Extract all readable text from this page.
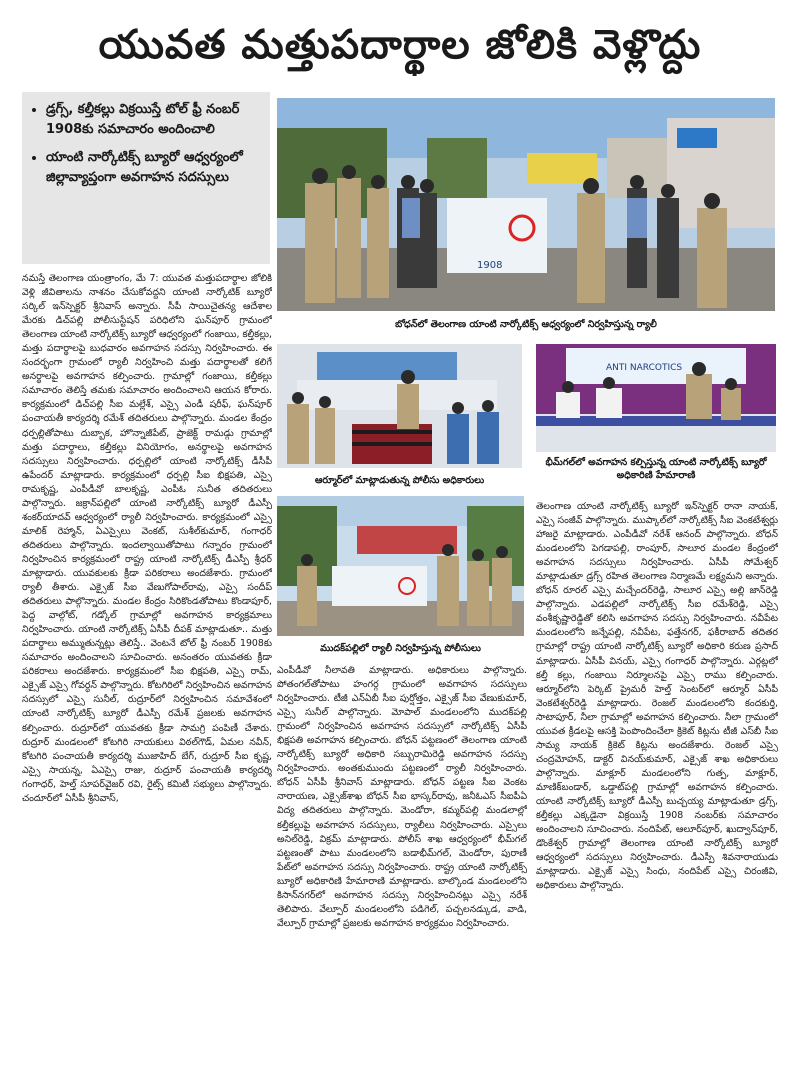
యువత మత్తుపదార్థాల జోలికి వెళ్లొద్దు
• డ్రగ్స్, కల్తీకల్లు విక్రయిస్తే టోల్ ఫ్రీ నంబర్ 1908కు సమాచారం అందించాలి
• యాంటి నార్కోటిక్స్ బ్యూరో ఆధ్వర్యంలో జిల్లావ్యాప్తంగా అవగాహన సదస్సులు

నమస్తే తెలంగాణ యంత్రాంగం, మే 7: యువత మత్తుపదార్థాల జోలికి వెళ్లి జీవితాలను నాశనం చేసుకోవద్దని యాంటి నార్కోటిక్ బ్యూరో సర్కిల్ ఇన్‌స్పెక్టర్ శ్రీనివాస్ అన్నారు. సీపీ సాయిచైతన్య ఆదేశాల మేరకు డిచ్‌పల్లి పోలీసుస్టేషన్ పరిధిలోని ఘన్‌పూర్ గ్రామంలో తెలంగాణ యాంటి నార్కోటిక్స్ బ్యూరో ఆధ్వర్యంలో గంజాయి, కల్తీకల్లు, మత్తు పదార్థాలపై బుధవారం అవగాహన సదస్సు నిర్వహించారు. ఈ సందర్భంగా గ్రామంలో ర్యాలీ నిర్వహించి మత్తు పదార్థాలతో కలిగే అనర్థాలపై అవగాహన కల్పించారు. గ్రామాల్లో గంజాయి, కల్తీకల్లు సమాచారం తెలిస్తే తమకు సమాచారం అందించాలని ఆయన కోరారు. కార్యక్రమంలో డిచ్‌పల్లి సీఐ మల్లేశ్, ఎస్సై ఎండీ షరీఫ్, ఘన్‌పూర్ పంచాయతీ కార్యదర్శి రమేశ్ తదితరులు పాల్గొన్నారు. మండల కేంద్రం ధర్పల్లితోపాటు దుబ్బాక, హొన్నాజీపేట్, ప్రాజెక్ట్ రామడ్గు గ్రామాల్లో మత్తు పదార్థాలు, కల్తీకల్లు వినియోగం, అనర్థాలపై అవగాహన సదస్సులు నిర్వహించారు. ధర్పల్లిలో యాంటి నార్కోటిక్స్ డీసీపీ ఉపేందర్ మాట్లాడారు. కార్యక్రమంలో ధర్పల్లి సీఐ భిక్షపతి, ఎస్సై రామకృష్ణ, ఎంపీడీవో బాలకృష్ణ, ఎంపీఓ సునీత తదితరులు పాల్గొన్నారు. జక్రాన్‌పల్లిలో యాంటి నార్కోటిక్స్ బ్యూరో డీఎస్పీ శంకర్‌యాదవ్ ఆధ్వర్యంలో ర్యాలీ నిర్వహించారు. కార్యక్రమంలో ఎస్సై మాలిక్ రెహ్మాన్, ఏఎస్సైలు వెంకట్, సుశీల్‌కుమార్, గంగాధర్ తదితరులు పాల్గొన్నారు. ఇందల్వాయితోపాటు గన్నారం గ్రామంలో నిర్వహించిన కార్యక్రమంలో రాష్ట్ర యాంటి నార్కోటిక్స్ డీఎస్పీ శ్రీధర్ మాట్లాడారు. యువకులకు క్రీడా పరికరాలు అందజేశారు. గ్రామంలో ర్యాలీ తీశారు. ఎక్సైజ్ సీఐ వేణుగోపాల్‌రావు, ఎస్సై సందీప్ తదితరులు పాల్గొన్నారు. మండల కేంద్రం సిరికొండతోపాటు కొండాపూర్, పెద్ద వాల్గోట్, గడ్కోల్ గ్రామాల్లో అవగాహన కార్యక్రమాలు నిర్వహించారు. యాంటి నార్కోటిక్స్ ఏసీపీ దీపక్ మాట్లాడుతూ.. మత్తు పదార్థాలు అమ్ముతున్నట్లు తెలిస్తే.. వెంటనే టోల్ ఫ్రీ నంబర్ 1908కు సమాచారం అందించాలని సూచించారు. అనంతరం యువతకు క్రీడా పరికరాలు అందజేశారు. కార్యక్రమంలో సీఐ భిక్షపతి, ఎస్సై రామ్, ఎక్సైజ్ ఎస్సై గోవర్ధన్ పాల్గొన్నారు. కోటగిరిలో నిర్వహించిన అవగాహన సదస్సులో ఎస్సై సునీల్, రుద్రూర్‌లో నిర్వహించిన సమావేశంలో యాంటి నార్కోటిక్స్ బ్యూరో డీఎస్పీ రమేశ్ ప్రజలకు అవగాహన కల్పించారు. రుద్రూర్‌లో యువతకు క్రీడా సామగ్రి పంపిణీ చేశారు. రుద్రూర్ మండలంలో కోటగిరి నాయకులు విఠల్‌గౌడ్, ఏమల నవీన్, కోటగిరి పంచాయతీ కార్యదర్శి ముజాహిద్ బేగ్, రుద్రూర్ సీఐ కృష్ణ, ఎస్సై సాయన్న, ఏఎస్సై రాజు, రుద్రూర్ పంచాయతీ కార్యదర్శి గంగాధర్, హెల్త్ సూపర్‌వైజర్ రవి, రైట్స్ కమిటీ సభ్యులు పాల్గొన్నారు. చందూర్‌లో ఏసీపీ శ్రీనివాస్,

1908
బోధన్‌లో తెలంగాణ యాంటి నార్కోటిక్స్ ఆధ్వర్యంలో నిర్వహిస్తున్న ర్యాలీ
ఆర్మూర్‌లో మాట్లాడుతున్న పోలీసు అధికారులు
ANTI NARCOTICS
భీమ్‌గల్‌లో అవగాహన కల్పిస్తున్న యాంటి నార్కోటిక్స్ బ్యూరో అధికారిణి హేమారాణి
ముదక్‌పల్లిలో ర్యాలీ నిర్వహిస్తున్న పోలీసులు

ఎంపీడీవో నీలావతి మాట్లాడారు. అధికారులు పాల్గొన్నారు. పోతంగల్‌తోపాటు హంగర్గ గ్రామంలో అవగాహన సదస్సులు నిర్వహించారు. టీజీ ఎన్‌ఏబీ సీఐ పుర్షోత్తం, ఎక్సైజ్ సీఐ వేణుకుమార్, ఎస్సై సునీల్ పాల్గొన్నారు. మోపాల్ మండలంలోని ముదక్‌పల్లి గ్రామంలో నిర్వహించిన అవగాహన సదస్సులో నార్కోటిక్స్ ఏసీపీ భిక్షపతి అవగాహన కల్పించారు. బోధన్ పట్టణంలో తెలంగాణ యాంటి నార్కోటిక్స్ బ్యూరో అధికారి సబ్బురామిరెడ్డి అవగాహన సదస్సు నిర్వహించారు. అంతకుముందు పట్టణంలో ర్యాలీ నిర్వహించారు. బోధన్ ఏసీపీ శ్రీనివాస్ మాట్లాడారు. బోధన్ పట్టణ సీఐ వెంకట నారాయణ, ఎక్సైజ్‌శాఖ బోధన్ సీఐ భాస్కర్‌రావు, జనీఓఎస్ సీఐపీఏ విద్య తదితరులు పాల్గొన్నారు. మెండోరా, కమ్మర్‌పల్లి మండలాల్లో కల్తీకల్లుపై అవగాహన సదస్సులు, ర్యాలీలు నిర్వహించారు. ఎస్సైలు అనిల్‌రెడ్డి, విక్రమ్ మాట్లాడారు. పోలీస్ శాఖ ఆధ్వర్యంలో భీమ్‌గల్ పట్టణంతో పాటు మండలంలోని బడాభీమ్‌గల్, మెండోరా, పురాణీ పేట్‌లో అవగాహన సదస్సు నిర్వహించారు. రాష్ట్ర యాంటి నార్కోటిక్స్ బ్యూరో అధికారిణి హేమారాణి మాట్లాడారు. బాల్కొండ మండలంలోని కిసాన్‌నగర్‌లో అవగాహన సదస్సు నిర్వహించినట్లు ఎస్సై నరేశ్ తెలిపారు. వేల్పూర్ మండలంలోని పడిగెల్, పచ్చలనడ్కుడ, వాడి, వేల్పూర్ గ్రామాల్లో ప్రజలకు అవగాహన కార్యక్రమం నిర్వహించారు.

తెలంగాణ యాంటి నార్కోటిక్స్ బ్యూరో ఇన్‌స్పెక్టర్ రానా నాయక్, ఎస్సై సంజీవ్ పాల్గొన్నారు. ముప్కాల్‌లో నార్కోటిక్స్ సీఐ వెంకటేశ్వర్లు హాజరై మాట్లాడారు. ఎంపీడీవో నరేశ్ ఆనంద్ పాల్గొన్నారు. బోధన్ మండలంలోని పెగడాపల్లి, రాంపూర్, సాలూర మండల కేంద్రంలో అవగాహన సదస్సులు నిర్వహించారు. ఏసీపీ సోమేశ్వర్ మాట్లాడుతూ డ్రగ్స్ రహిత తెలంగాణ నిర్మాణమే లక్ష్యమని అన్నారు. బోధన్ రూరల్ ఎస్సై మచ్చేందర్‌రెడ్డి, సాలూర ఎస్సై అల్లి జాన్‌రెడ్డి పాల్గొన్నారు. ఎడపల్లిలో నార్కోటిక్స్ సీఐ రమేశ్‌రెడ్డి, ఎస్సై వంశీకృష్ణారెడ్డితో కలిసి అవగాహన సదస్సు నిర్వహించారు. నవీపేట మండలంలోని జన్నేపల్లి, నవీపేట, ఫత్తేనగర్, ఫకీరాబాద్ తదితర గ్రామాల్లో రాష్ట్ర యాంటి నార్కోటిక్స్ బ్యూరో అధికారి కరుణ ప్రసాద్ మాట్లాడారు. ఏసీపీ వినయ్, ఎస్సై గంగాధర్ పాల్గొన్నారు. ఎర్గట్లలో కల్తీ కల్లు, గంజాయి నిర్మూలనపై ఎస్సై రాము కల్పించారు. ఆర్మూర్‌లోని పెర్కిట్ ప్రైమరీ హెల్త్ సెంటర్‌లో ఆర్మూర్ ఏసీపీ వెంకటేశ్వర్‌రెడ్డి మాట్లాడారు. రెంజల్ మండలంలోని కందకుర్తి, సాటాపూర్, నీలా గ్రామాల్లో అవగాహన కల్పించారు. నీలా గ్రామంలో యువత క్రీడలపై ఆసక్తి పెంపొందించేలా క్రికెట్ కిట్లను టీజీ ఎస్‌బీ సీఐ సామ్య నాయక్ క్రికెట్ కిట్లను అందజేశారు. రెంజల్ ఎస్సై చంద్రమోహన్, డాక్టర్ వినయ్‌కుమార్, ఎక్సైజ్ శాఖ అధికారులు పాల్గొన్నారు. మాక్లూర్ మండలంలోని గుత్ప, మాక్లూర్, మాణిక్‌బండార్, ఒడ్డాట్‌పల్లి గ్రామాల్లో అవగాహన కల్పించారు. యాంటి నార్కోటిక్స్ బ్యూరో డీఎస్పీ బుచ్చయ్య మాట్లాడుతూ డ్రగ్స్, కల్తీకల్లు ఎక్కడైనా విక్రయిస్తే 1908 నంబర్‌కు సమాచారం అందించాలని సూచించారు. నందిపేట్, ఆలూర్‌పూర్, ఖుద్వాన్‌పూర్, డొంకేశ్వర్ గ్రామాల్లో తెలంగాణ యాంటి నార్కోటిక్స్ బ్యూరో ఆధ్వర్యంలో సదస్సులు నిర్వహించారు. డీఎస్పీ శివనారాయుడు మాట్లాడారు. ఎక్సైజ్ ఎస్సై సింధు, నందిపేట్ ఎస్సై చిరంజీవి, అధికారులు పాల్గొన్నారు.
